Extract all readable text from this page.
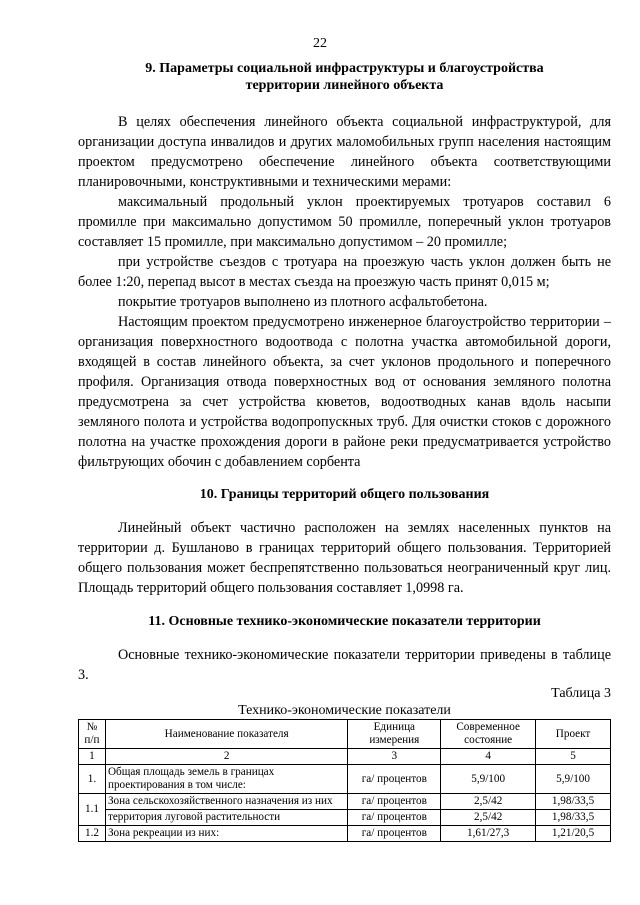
22
9. Параметры социальной инфраструктуры и благоустройства
территории линейного объекта

В целях обеспечения линейного объекта социальной инфраструктурой, для организации доступа инвалидов и других маломобильных групп населения настоящим проектом предусмотрено обеспечение линейного объекта соответствующими планировочными, конструктивными и техническими мерами:

максимальный продольный уклон проектируемых тротуаров составил 6 промилле при максимально допустимом 50 промилле, поперечный уклон тротуаров составляет 15 промилле, при максимально допустимом – 20 промилле;

при устройстве съездов с тротуара на проезжую часть уклон должен быть не более 1:20, перепад высот в местах съезда на проезжую часть принят 0,015 м;

покрытие тротуаров выполнено из плотного асфальтобетона.

Настоящим проектом предусмотрено инженерное благоустройство территории – организация поверхностного водоотвода с полотна участка автомобильной дороги, входящей в состав линейного объекта, за счет уклонов продольного и поперечного профиля. Организация отвода поверхностных вод от основания земляного полотна предусмотрена за счет устройства кюветов, водоотводных канав вдоль насыпи земляного полота и устройства водопропускных труб. Для очистки стоков с дорожного полотна на участке прохождения дороги в районе реки предусматривается устройство фильтрующих обочин с добавлением сорбента

10. Границы территорий общего пользования

Линейный объект частично расположен на землях населенных пунктов на территории д. Бушланово в границах территорий общего пользования. Территорией общего пользования может беспрепятственно пользоваться неограниченный круг лиц. Площадь территорий общего пользования составляет 1,0998 га.

11. Основные технико-экономические показатели территории

Основные технико-экономические показатели территории приведены в таблице 3.

Таблица 3
Технико-экономические показатели
№ п/п	Наименование показателя	Единица измерения	Современное состояние	Проект
1	2	3	4	5
1.	Общая площадь земель в границах проектирования в том числе:	га/ процентов	5,9/100	5,9/100
1.1	Зона сельскохозяйственного назначения из них	га/ процентов	2,5/42	1,98/33,5
	территория луговой растительности	га/ процентов	2,5/42	1,98/33,5
1.2	Зона рекреации из них:	га/ процентов	1,61/27,3	1,21/20,5
